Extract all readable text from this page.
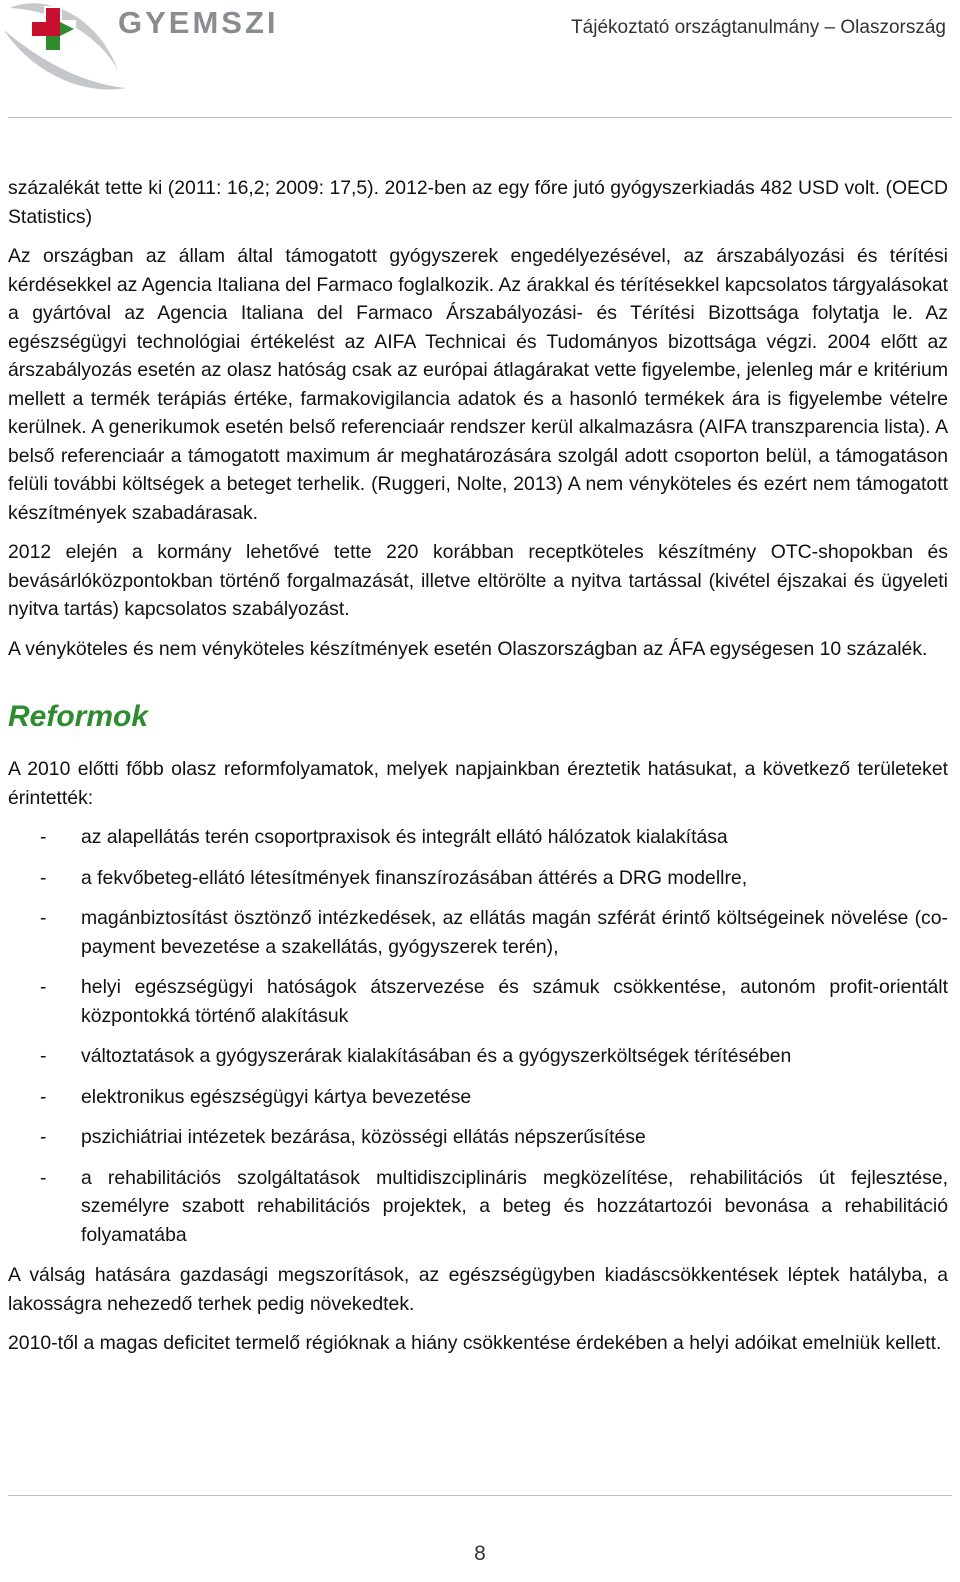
GYEMSZI	Tájékoztató országtanulmány – Olaszország

százalékát tette ki (2011: 16,2; 2009: 17,5). 2012-ben az egy főre jutó gyógyszerkiadás 482 USD volt. (OECD Statistics)

Az országban az állam által támogatott gyógyszerek engedélyezésével, az árszabályozási és térítési kérdésekkel az Agencia Italiana del Farmaco foglalkozik. Az árakkal és térítésekkel kapcsolatos tárgyalásokat a gyártóval az Agencia Italiana del Farmaco Árszabályozási- és Térítési Bizottsága folytatja le. Az egészségügyi technológiai értékelést az AIFA Technicai és Tudományos bizottsága végzi. 2004 előtt az árszabályozás esetén az olasz hatóság csak az európai átlagárakat vette figyelembe, jelenleg már e kritérium mellett a termék terápiás értéke, farmakovigilancia adatok és a hasonló termékek ára is figyelembe vételre kerülnek. A generikumok esetén belső referenciaár rendszer kerül alkalmazásra (AIFA transzparencia lista). A belső referenciaár a támogatott maximum ár meghatározására szolgál adott csoporton belül, a támogatáson felüli további költségek a beteget terhelik. (Ruggeri, Nolte, 2013) A nem vényköteles és ezért nem támogatott készítmények szabadárasak.

2012 elején a kormány lehetővé tette 220 korábban receptköteles készítmény OTC-shopokban és bevásárlóközpontokban történő forgalmazását, illetve eltörölte a nyitva tartással (kivétel éjszakai és ügyeleti nyitva tartás) kapcsolatos szabályozást.

A vényköteles és nem vényköteles készítmények esetén Olaszországban az ÁFA egységesen 10 százalék.

Reformok

A 2010 előtti főbb olasz reformfolyamatok, melyek napjainkban éreztetik hatásukat, a következő területeket érintették:

- az alapellátás terén csoportpraxisok és integrált ellátó hálózatok kialakítása
- a fekvőbeteg-ellátó létesítmények finanszírozásában áttérés a DRG modellre,
- magánbiztosítást ösztönző intézkedések, az ellátás magán szférát érintő költségeinek növelése (co-payment bevezetése a szakellátás, gyógyszerek terén),
- helyi egészségügyi hatóságok átszervezése és számuk csökkentése, autonóm profit-orientált központokká történő alakításuk
- változtatások a gyógyszerárak kialakításában és a gyógyszerköltségek térítésében
- elektronikus egészségügyi kártya bevezetése
- pszichiátriai intézetek bezárása, közösségi ellátás népszerűsítése
- a rehabilitációs szolgáltatások multidiszciplináris megközelítése, rehabilitációs út fejlesztése, személyre szabott rehabilitációs projektek, a beteg és hozzátartozói bevonása a rehabilitáció folyamatába

A válság hatására gazdasági megszorítások, az egészségügyben kiadáscsökkentések léptek hatályba, a lakosságra nehezedő terhek pedig növekedtek.

2010-től a magas deficitet termelő régióknak a hiány csökkentése érdekében a helyi adóikat emelniük kellett.

8
